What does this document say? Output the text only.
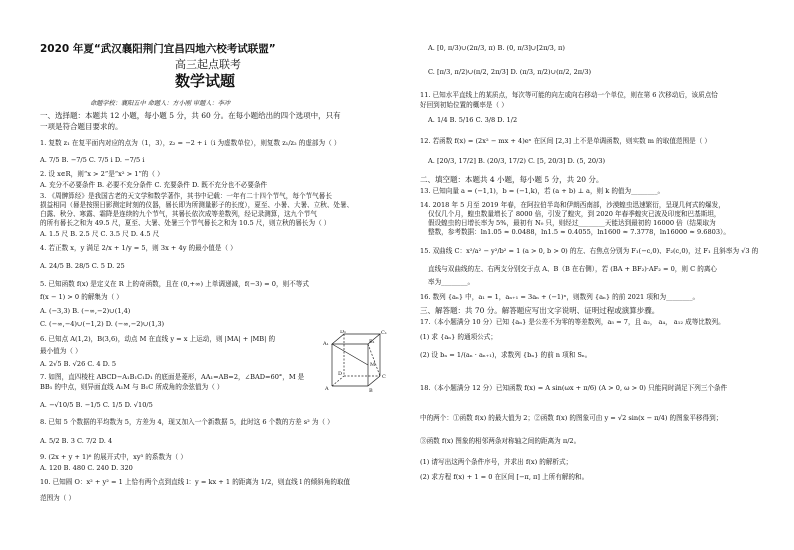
2020 年夏“武汉襄阳荆门宜昌四地六校考试联盟”
高三起点联考
数学试题
命题学校：襄阳五中 命题人：方小刚 审题人：李冲
一、选择题：本题共 12 小题，每小题 5 分，共 60 分。在每小题给出的四个选项中，只有
一项是符合题目要求的。
1. 复数 z₁ 在复平面内对应的点为（1，3），z₂ = −2 + i（i 为虚数单位），则复数 z₁/z₂ 的虚部为（ ）
A. 7/5 B. −7/5 C. 7/5 i D. −7/5 i
2. 设 x∈R，则“x > 2”是“x² > 1”的（ ）
A. 充分不必要条件 B. 必要不充分条件 C. 充要条件 D. 既不充分也不必要条件
3. 《周髀算经》是我国古老的天文学和数学著作，其书中记载：一年有二十四个节气，每个节气晷长
损益相同（晷是按照日影测定时刻的仪器，晷长即为所测量影子的长度），夏至、小暑、大暑、立秋、处暑、
白露、秋分、寒露、霜降是连续的九个节气，其晷长依次成等差数列，经记录测算，这九个节气
的所有晷长之和为 49.5 尺，夏至、大暑、处暑三个节气晷长之和为 10.5 尺，则立秋的晷长为（ ）
A. 1.5 尺 B. 2.5 尺 C. 3.5 尺 D. 4.5 尺
4. 若正数 x，y 满足 2/x + 1/y = 5，则 3x + 4y 的最小值是（ ）
A. 24/5 B. 28/5 C. 5 D. 25
5. 已知函数 f(x) 是定义在 R 上的奇函数，且在 (0,+∞) 上单调递减，f(−3) = 0，则不等式
f(x − 1) > 0 的解集为（ ）
A. (−3,3) B. (−∞,−2)∪(1,4)
C. (−∞,−4)∪(−1,2) D. (−∞,−2)∪(1,3)
6. 已知点 A(1,2)，B(3,6)，动点 M 在直线 y = x 上运动，则 |MA| + |MB| 的
最小值为（ ）
A. 2√5 B. √26 C. 4 D. 5
7. 如图，直四棱柱 ABCD−A₁B₁C₁D₁ 的底面是菱形，AA₁=AB=2，∠BAD=60°，M 是
BB₁ 的中点，则异面直线 A₁M 与 B₁C 所成角的余弦值为（ ）
A. −√10/5 B. −1/5 C. 1/5 D. √10/5
8. 已知 5 个数据的平均数为 5，方差为 4，现又加入一个新数据 5，此时这 6 个数的方差 s² 为（ ）
A. 5/2 B. 3 C. 7/2 D. 4
9. (2x + y + 1)⁶ 的展开式中，xy³ 的系数为（ ）
A. 120 B. 480 C. 240 D. 320
10. 已知圆 O：x² + y² = 1 上恰有两个点到直线 l：y = kx + 1 的距离为 1/2，则直线 l 的倾斜角的取值
范围为（ ）
D₁	C₁
A₁	B₁
M
D	C
A	B
A. [0, π/3)∪(2π/3, π) B. (0, π/3]∪[2π/3, π)
C. [π/3, π/2)∪(π/2, 2π/3] D. (π/3, π/2)∪(π/2, 2π/3)
11. 已知水平直线上的某质点，每次等可能的向左或向右移动一个单位，则在第 6 次移动后，该质点恰
好回到初始位置的概率是（ ）
A. 1/4 B. 5/16 C. 3/8 D. 1/2
12. 若函数 f(x) = (2x² − mx + 4)eˣ 在区间 [2,3] 上不是单调函数，则实数 m 的取值范围是（ ）
A. [20/3, 17/2] B. (20/3, 17/2) C. [5, 20/3] D. (5, 20/3)
二、填空题：本题共 4 小题，每小题 5 分，共 20 分。
13. 已知向量 a = (−1,1)，b = (−1,k)，若 (a + b) ⊥ a，则 k 的值为________。
14. 2018 年 5 月至 2019 年春，在阿拉伯半岛和伊朗西南部，沙漠蝗虫迅速繁衍，呈现几何式的爆发，
仅仅几个月，蝗虫数量增长了 8000 倍，引发了蝗灾，到 2020 年春季蝗灾已波及印度和巴基斯坦，
假设蝗虫的日增长率为 5%，最初有 N₀ 只，则经过________天能达到最初的 16000 倍（结果取为
整数，参考数据：ln1.05 ≈ 0.0488，ln1.5 ≈ 0.4055，ln1600 ≈ 7.3778，ln16000 ≈ 9.6803）。
15. 双曲线 C：x²/a² − y²/b² = 1 (a > 0, b > 0) 的左、右焦点分别为 F₁(−c,0)、F₂(c,0)，过 F₁ 且斜率为 √3 的
直线与双曲线的左、右两支分别交于点 A、B（B 在右侧），若 (BA + BF₂)·AF₂ = 0，则 C 的离心
率为________。
16. 数列 {aₙ} 中，a₁ = 1，aₙ₊₁ = 3aₙ + (−1)ⁿ，则数列 {aₙ} 的前 2021 项和为________。
三、解答题：共 70 分。解答题应写出文字说明、证明过程或演算步骤。
17.（本小题满分 10 分）已知 {aₙ} 是公差不为零的等差数列，a₅ = 7，且 a₂， a₄， a₁₂ 成等比数列。
(1) 求 {aₙ} 的通项公式；
(2) 设 bₙ = 1/(aₙ · aₙ₊₁)，求数列 {bₙ} 的前 n 项和 Sₙ。
18.（本小题满分 12 分）已知函数 f(x) = A sin(ωx + π/6) (A > 0, ω > 0) 只能同时满足下列三个条件
中的两个：①函数 f(x) 的最大值为 2；②函数 f(x) 的图象可由 y = √2 sin(x − π/4) 的图象平移得到；
③函数 f(x) 图象的相邻两条对称轴之间的距离为 π/2。
(1) 请写出这两个条件序号，并求出 f(x) 的解析式；
(2) 求方程 f(x) + 1 = 0 在区间 [−π, π] 上所有解的和。
